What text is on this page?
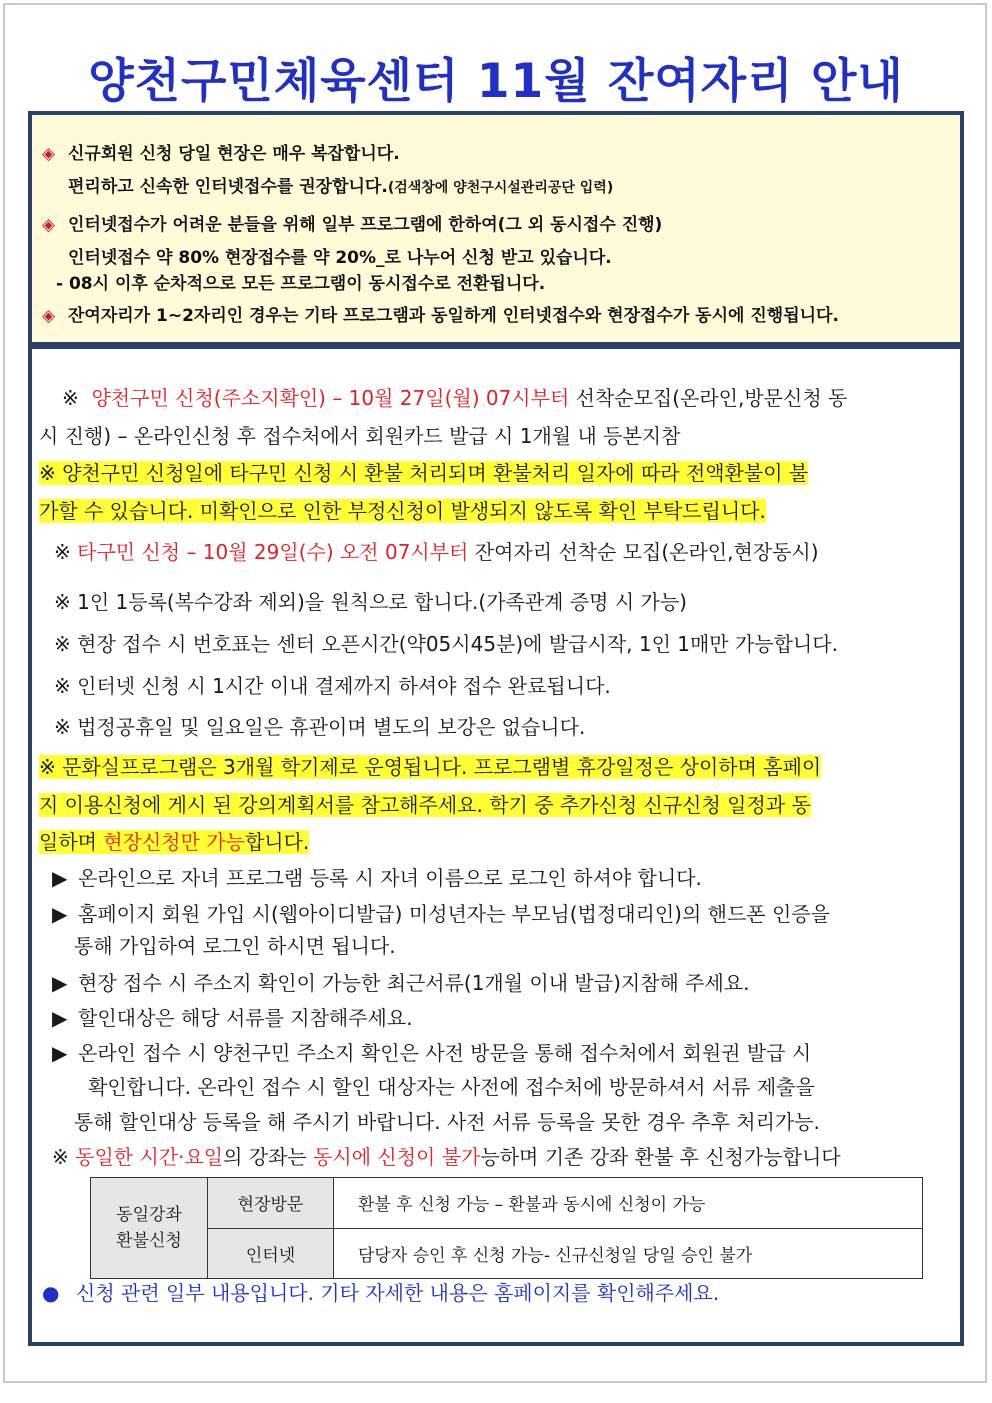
양천구민체육센터 11월 잔여자리 안내
◈ 신규회원 신청 당일 현장은 매우 복잡합니다.
편리하고 신속한 인터넷접수를 권장합니다.(검색창에 양천구시설관리공단 입력)
◈ 인터넷접수가 어려운 분들을 위해 일부 프로그램에 한하여(그 외 동시접수 진행)
인터넷접수 약 80% 현장접수를 약 20%_로 나누어 신청 받고 있습니다.
- 08시 이후 순차적으로 모든 프로그램이 동시접수로 전환됩니다.
◈ 잔여자리가 1~2자리인 경우는 기타 프로그램과 동일하게 인터넷접수와 현장접수가 동시에 진행됩니다.
※ 양천구민 신청(주소지확인) – 10월 27일(월) 07시부터 선착순모집(온라인,방문신청 동
시 진행) – 온라인신청 후 접수처에서 회원카드 발급 시 1개월 내 등본지참
※ 양천구민 신청일에 타구민 신청 시 환불 처리되며 환불처리 일자에 따라 전액환불이 불
가할 수 있습니다. 미확인으로 인한 부정신청이 발생되지 않도록 확인 부탁드립니다.
※ 타구민 신청 – 10월 29일(수) 오전 07시부터 잔여자리 선착순 모집(온라인,현장동시)
※ 1인 1등록(복수강좌 제외)을 원칙으로 합니다.(가족관계 증명 시 가능)
※ 현장 접수 시 번호표는 센터 오픈시간(약05시45분)에 발급시작, 1인 1매만 가능합니다.
※ 인터넷 신청 시 1시간 이내 결제까지 하셔야 접수 완료됩니다.
※ 법정공휴일 및 일요일은 휴관이며 별도의 보강은 없습니다.
※ 문화실프로그램은 3개월 학기제로 운영됩니다. 프로그램별 휴강일정은 상이하며 홈페이
지 이용신청에 게시 된 강의계획서를 참고해주세요. 학기 중 추가신청 신규신청 일정과 동
일하며 현장신청만 가능합니다.
▶ 온라인으로 자녀 프로그램 등록 시 자녀 이름으로 로그인 하셔야 합니다.
▶ 홈페이지 회원 가입 시(웹아이디발급) 미성년자는 부모님(법정대리인)의 핸드폰 인증을
통해 가입하여 로그인 하시면 됩니다.
▶ 현장 접수 시 주소지 확인이 가능한 최근서류(1개월 이내 발급)지참해 주세요.
▶ 할인대상은 해당 서류를 지참해주세요.
▶ 온라인 접수 시 양천구민 주소지 확인은 사전 방문을 통해 접수처에서 회원권 발급 시
확인합니다. 온라인 접수 시 할인 대상자는 사전에 접수처에 방문하셔서 서류 제출을
통해 할인대상 등록을 해 주시기 바랍니다. 사전 서류 등록을 못한 경우 추후 처리가능.
※ 동일한 시간·요일의 강좌는 동시에 신청이 불가능하며 기존 강좌 환불 후 신청가능합니다
동일강좌
환불신청	현장방문	환불 후 신청 가능 – 환불과 동시에 신청이 가능
	인터넷	담당자 승인 후 신청 가능- 신규신청일 당일 승인 불가
● 신청 관련 일부 내용입니다. 기타 자세한 내용은 홈페이지를 확인해주세요.
